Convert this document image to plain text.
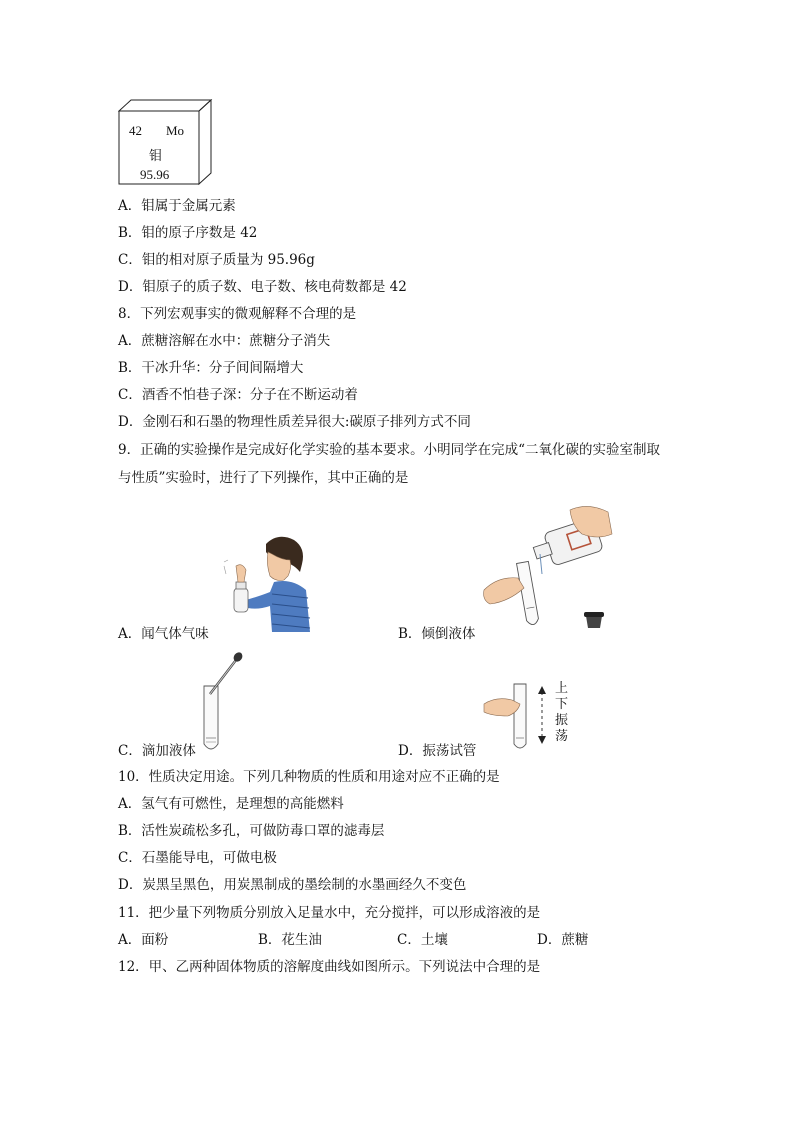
42 Mo
钼
95.96
A．钼属于金属元素
B．钼的原子序数是 42
C．钼的相对原子质量为 95.96g
D．钼原子的质子数、电子数、核电荷数都是 42
8．下列宏观事实的微观解释不合理的是
A．蔗糖溶解在水中：蔗糖分子消失
B．干冰升华：分子间间隔增大
C．酒香不怕巷子深：分子在不断运动着
D．金刚石和石墨的物理性质差异很大:碳原子排列方式不同
9．正确的实验操作是完成好化学实验的基本要求。小明同学在完成“二氧化碳的实验室制取
与性质”实验时，进行了下列操作，其中正确的是
A．闻气体气味	B．倾倒液体
C．滴加液体
上
下
振
荡
D．振荡试管
10．性质决定用途。下列几种物质的性质和用途对应不正确的是
A．氢气有可燃性，是理想的高能燃料
B．活性炭疏松多孔，可做防毒口罩的滤毒层
C．石墨能导电，可做电极
D．炭黑呈黑色，用炭黑制成的墨绘制的水墨画经久不变色
11．把少量下列物质分别放入足量水中，充分搅拌，可以形成溶液的是
A．面粉	B．花生油	C．土壤	D．蔗糖
12．甲、乙两种固体物质的溶解度曲线如图所示。下列说法中合理的是
